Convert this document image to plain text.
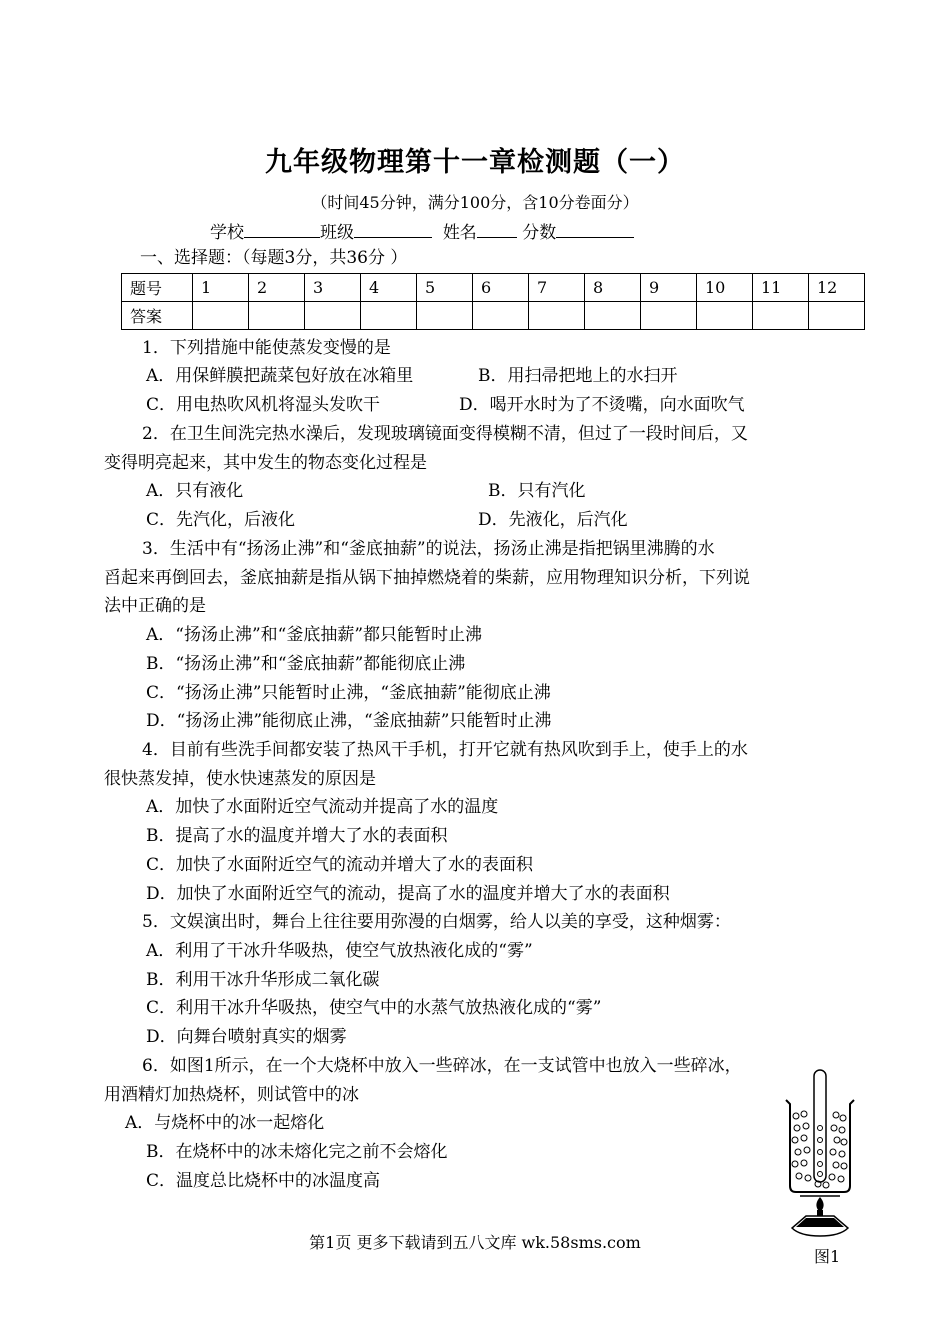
九年级物理第十一章检测题（一）
（时间45分钟，满分100分，含10分卷面分）
学校	班级	姓名	分数
一、选择题：（每题3分，共36分 ）
题号	1	2	3	4	5	6	7	8	9	10	11	12
答案												
1．下列措施中能使蒸发变慢的是
A．用保鲜膜把蔬菜包好放在冰箱里	B．用扫帚把地上的水扫开
C．用电热吹风机将湿头发吹干	D．喝开水时为了不烫嘴，向水面吹气
2．在卫生间洗完热水澡后，发现玻璃镜面变得模糊不清，但过了一段时间后，又
变得明亮起来，其中发生的物态变化过程是
A．只有液化	B．只有汽化
C．先汽化，后液化	D．先液化，后汽化
3．生活中有“扬汤止沸”和“釜底抽薪”的说法，扬汤止沸是指把锅里沸腾的水
舀起来再倒回去，釜底抽薪是指从锅下抽掉燃烧着的柴薪，应用物理知识分析，下列说
法中正确的是
A．“扬汤止沸”和“釜底抽薪”都只能暂时止沸
B．“扬汤止沸”和“釜底抽薪”都能彻底止沸
C．“扬汤止沸”只能暂时止沸，“釜底抽薪”能彻底止沸
D．“扬汤止沸”能彻底止沸，“釜底抽薪”只能暂时止沸
4．目前有些洗手间都安装了热风干手机，打开它就有热风吹到手上，使手上的水
很快蒸发掉，使水快速蒸发的原因是
A．加快了水面附近空气流动并提高了水的温度
B．提高了水的温度并增大了水的表面积
C．加快了水面附近空气的流动并增大了水的表面积
D．加快了水面附近空气的流动，提高了水的温度并增大了水的表面积
5．文娱演出时，舞台上往往要用弥漫的白烟雾，给人以美的享受，这种烟雾：
A．利用了干冰升华吸热，使空气放热液化成的“雾”
B．利用干冰升华形成二氧化碳
C．利用干冰升华吸热，使空气中的水蒸气放热液化成的“雾”
D．向舞台喷射真实的烟雾
6．如图1所示，在一个大烧杯中放入一些碎冰，在一支试管中也放入一些碎冰，
用酒精灯加热烧杯，则试管中的冰
A．与烧杯中的冰一起熔化
B．在烧杯中的冰未熔化完之前不会熔化
C．温度总比烧杯中的冰温度高
图1
第1页 更多下载请到五八文库 wk.58sms.com
